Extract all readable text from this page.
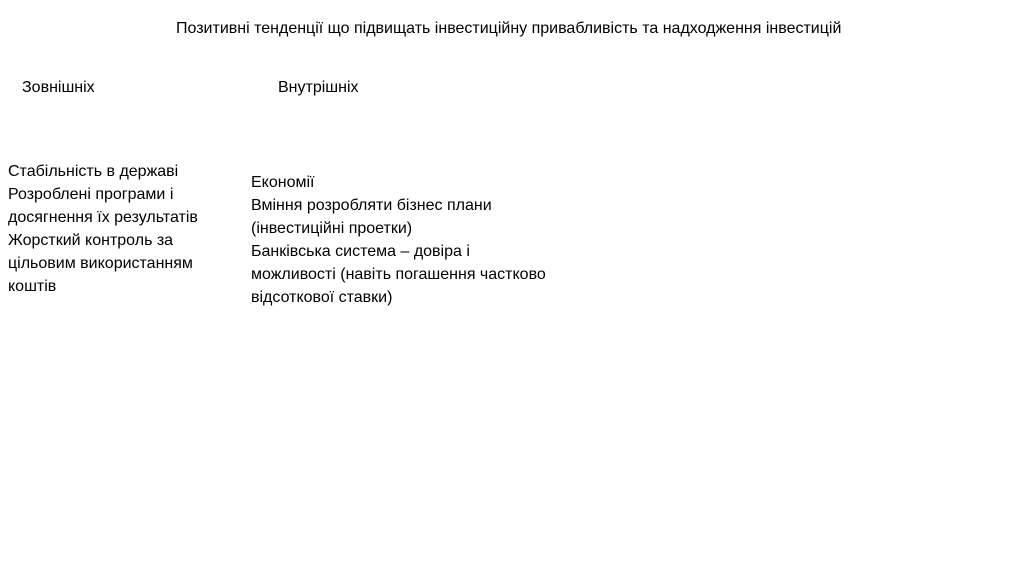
Позитивні тенденції що підвищать інвестиційну привабливість та надходження інвестицій
Зовнішніх	Внутрішніх
Стабільність в державі
Розроблені програми і досягнення їх результатів
Жорсткий контроль за цільовим використанням коштів
Економії
Вміння розробляти бізнес плани (інвестиційні проетки)
Банківська система – довіра і можливості (навіть погашення частково відсоткової ставки)
